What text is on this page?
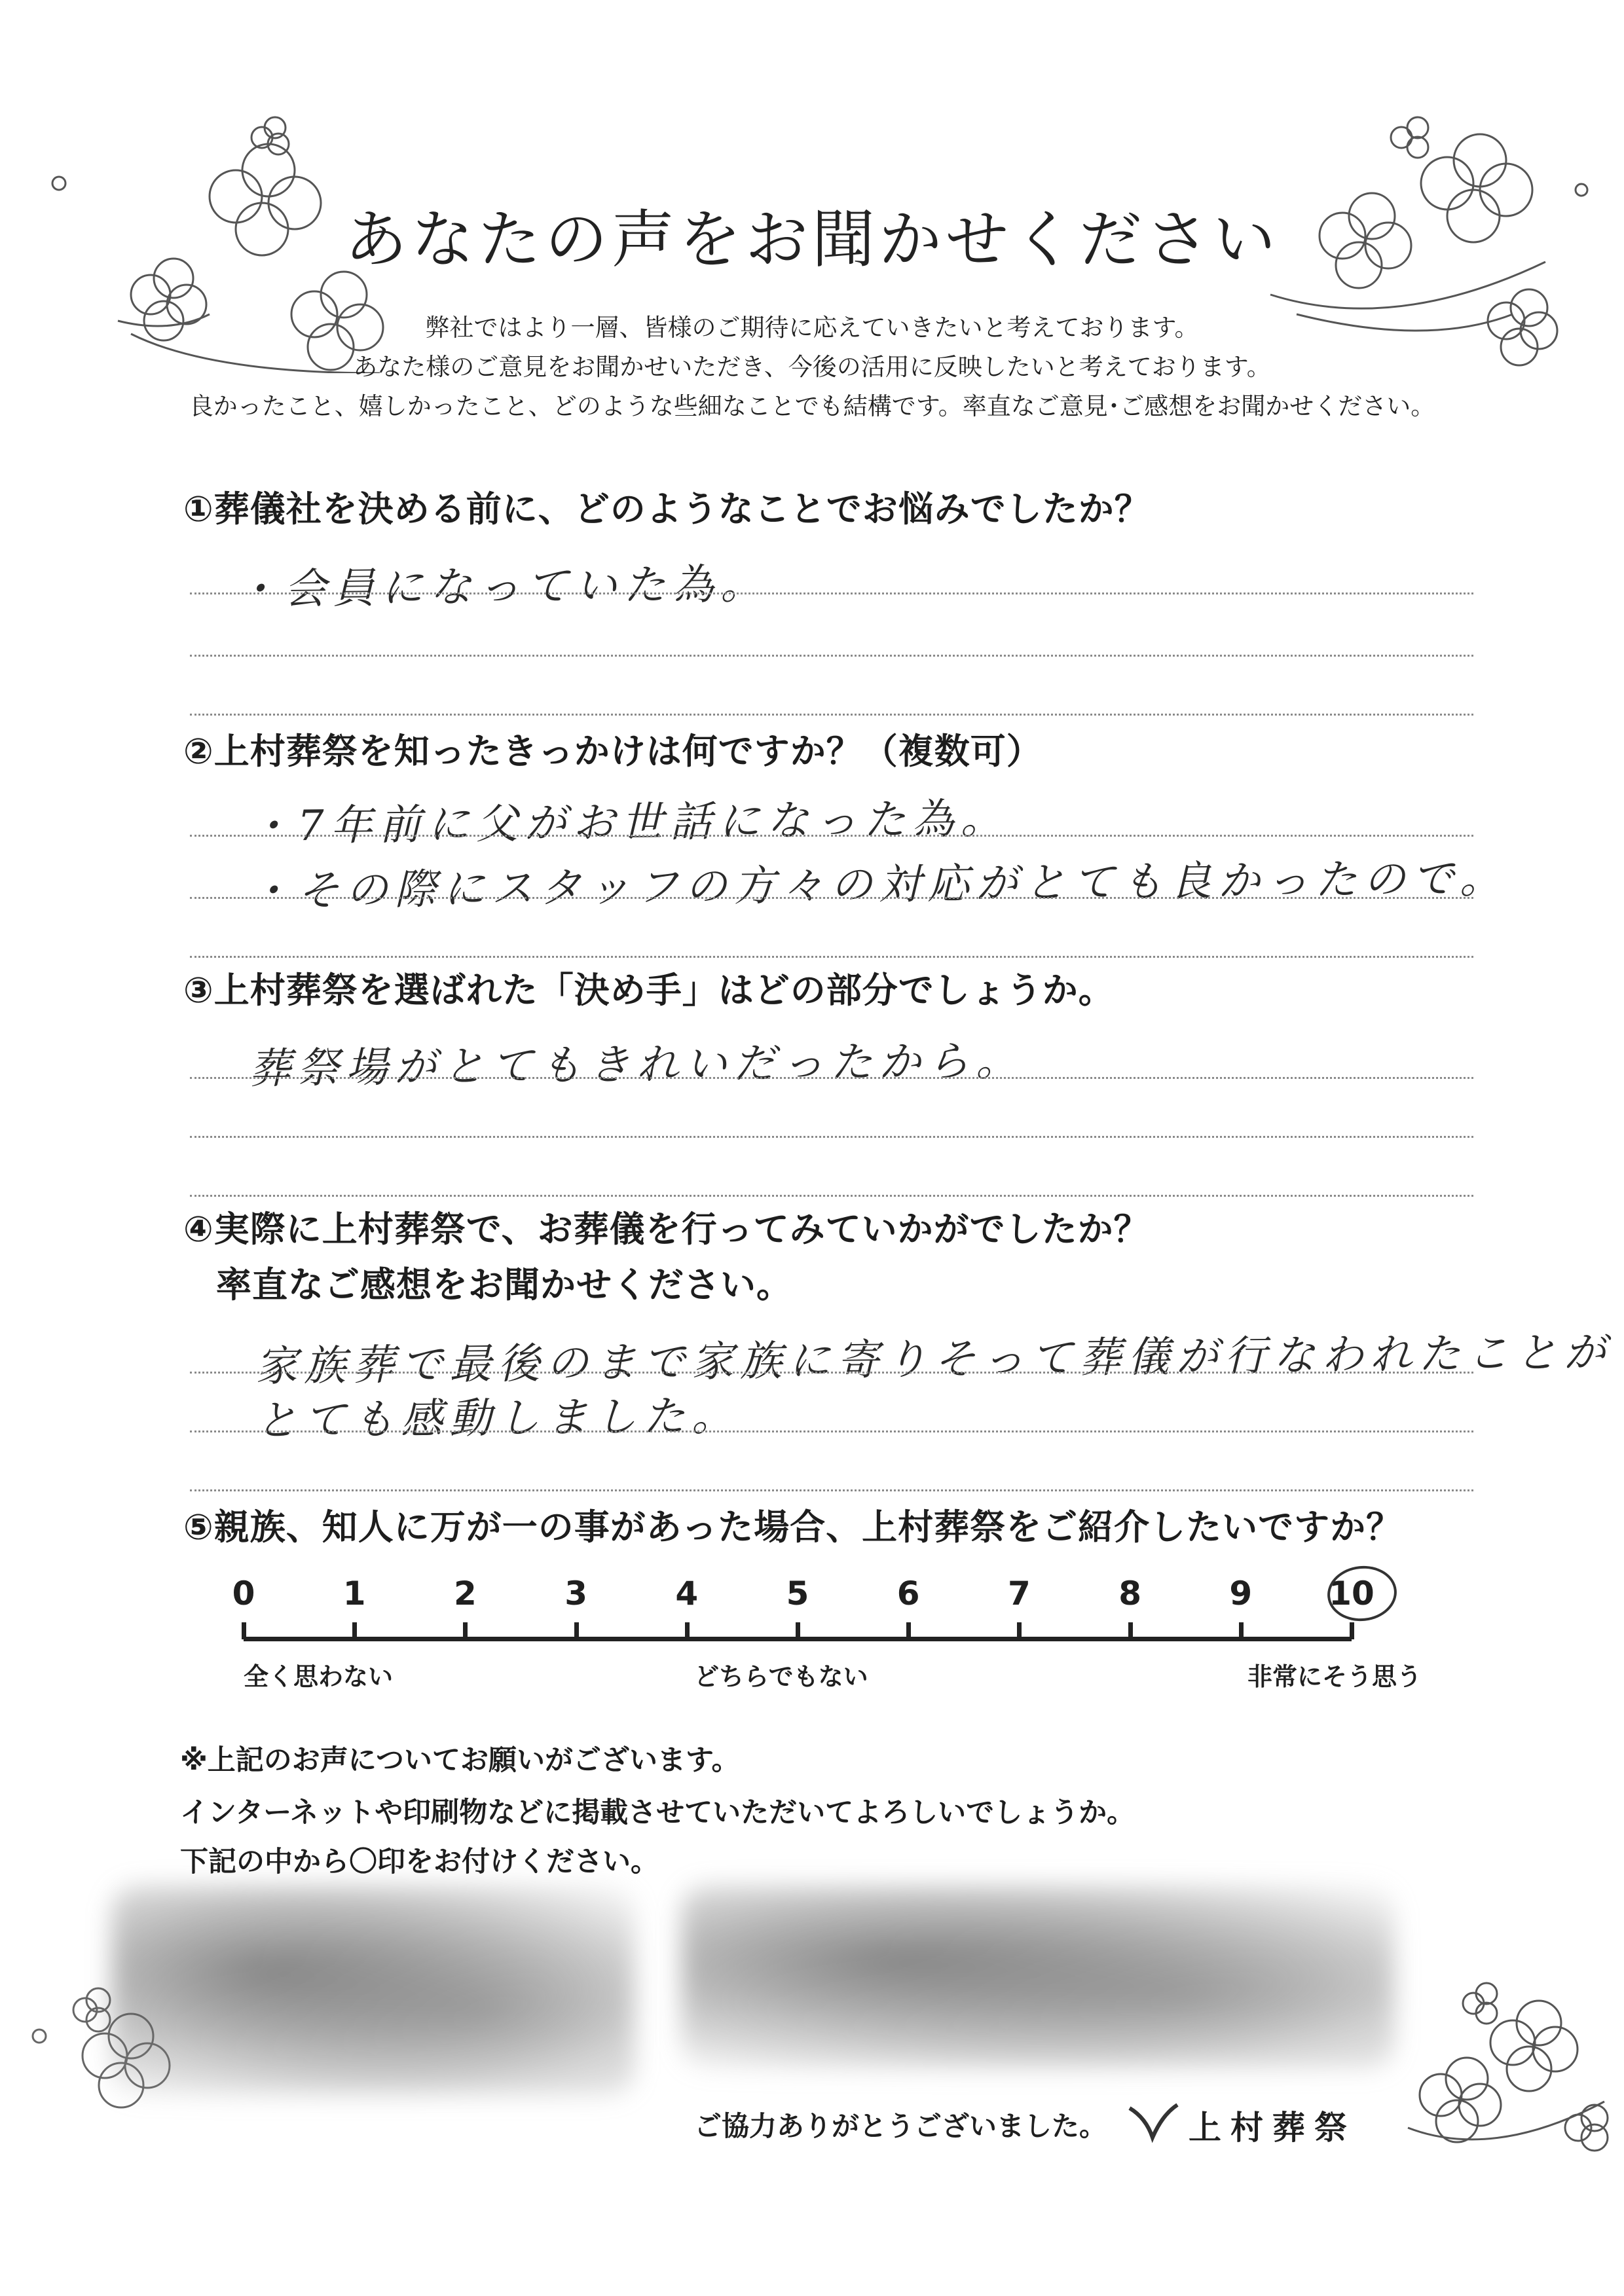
あなたの声をお聞かせください
弊社ではより一層、皆様のご期待に応えていきたいと考えております。
あなた様のご意見をお聞かせいただき、今後の活用に反映したいと考えております。
良かったこと、嬉しかったこと、どのような些細なことでも結構です。率直なご意見･ご感想をお聞かせください。
①葬儀社を決める前に、どのようなことでお悩みでしたか？
・会員になっていた為。
②上村葬祭を知ったきっかけは何ですか？（複数可）
・7年前に父がお世話になった為。
・その際にスタッフの方々の対応がとても良かったので。
③上村葬祭を選ばれた「決め手」はどの部分でしょうか。
葬祭場がとてもきれいだったから。
④実際に上村葬祭で、お葬儀を行ってみていかがでしたか？
率直なご感想をお聞かせください。
家族葬で最後のまで家族に寄りそって葬儀が行なわれたことが
とても感動しました。
⑤親族、知人に万が一の事があった場合、上村葬祭をご紹介したいですか？
0	1	2	3	4	5	6	7	8	9	10
全く思わない	どちらでもない	非常にそう思う
※上記のお声についてお願いがございます。
インターネットや印刷物などに掲載させていただいてよろしいでしょうか。
下記の中から〇印をお付けください。
ご協力ありがとうございました。 上村葬祭
